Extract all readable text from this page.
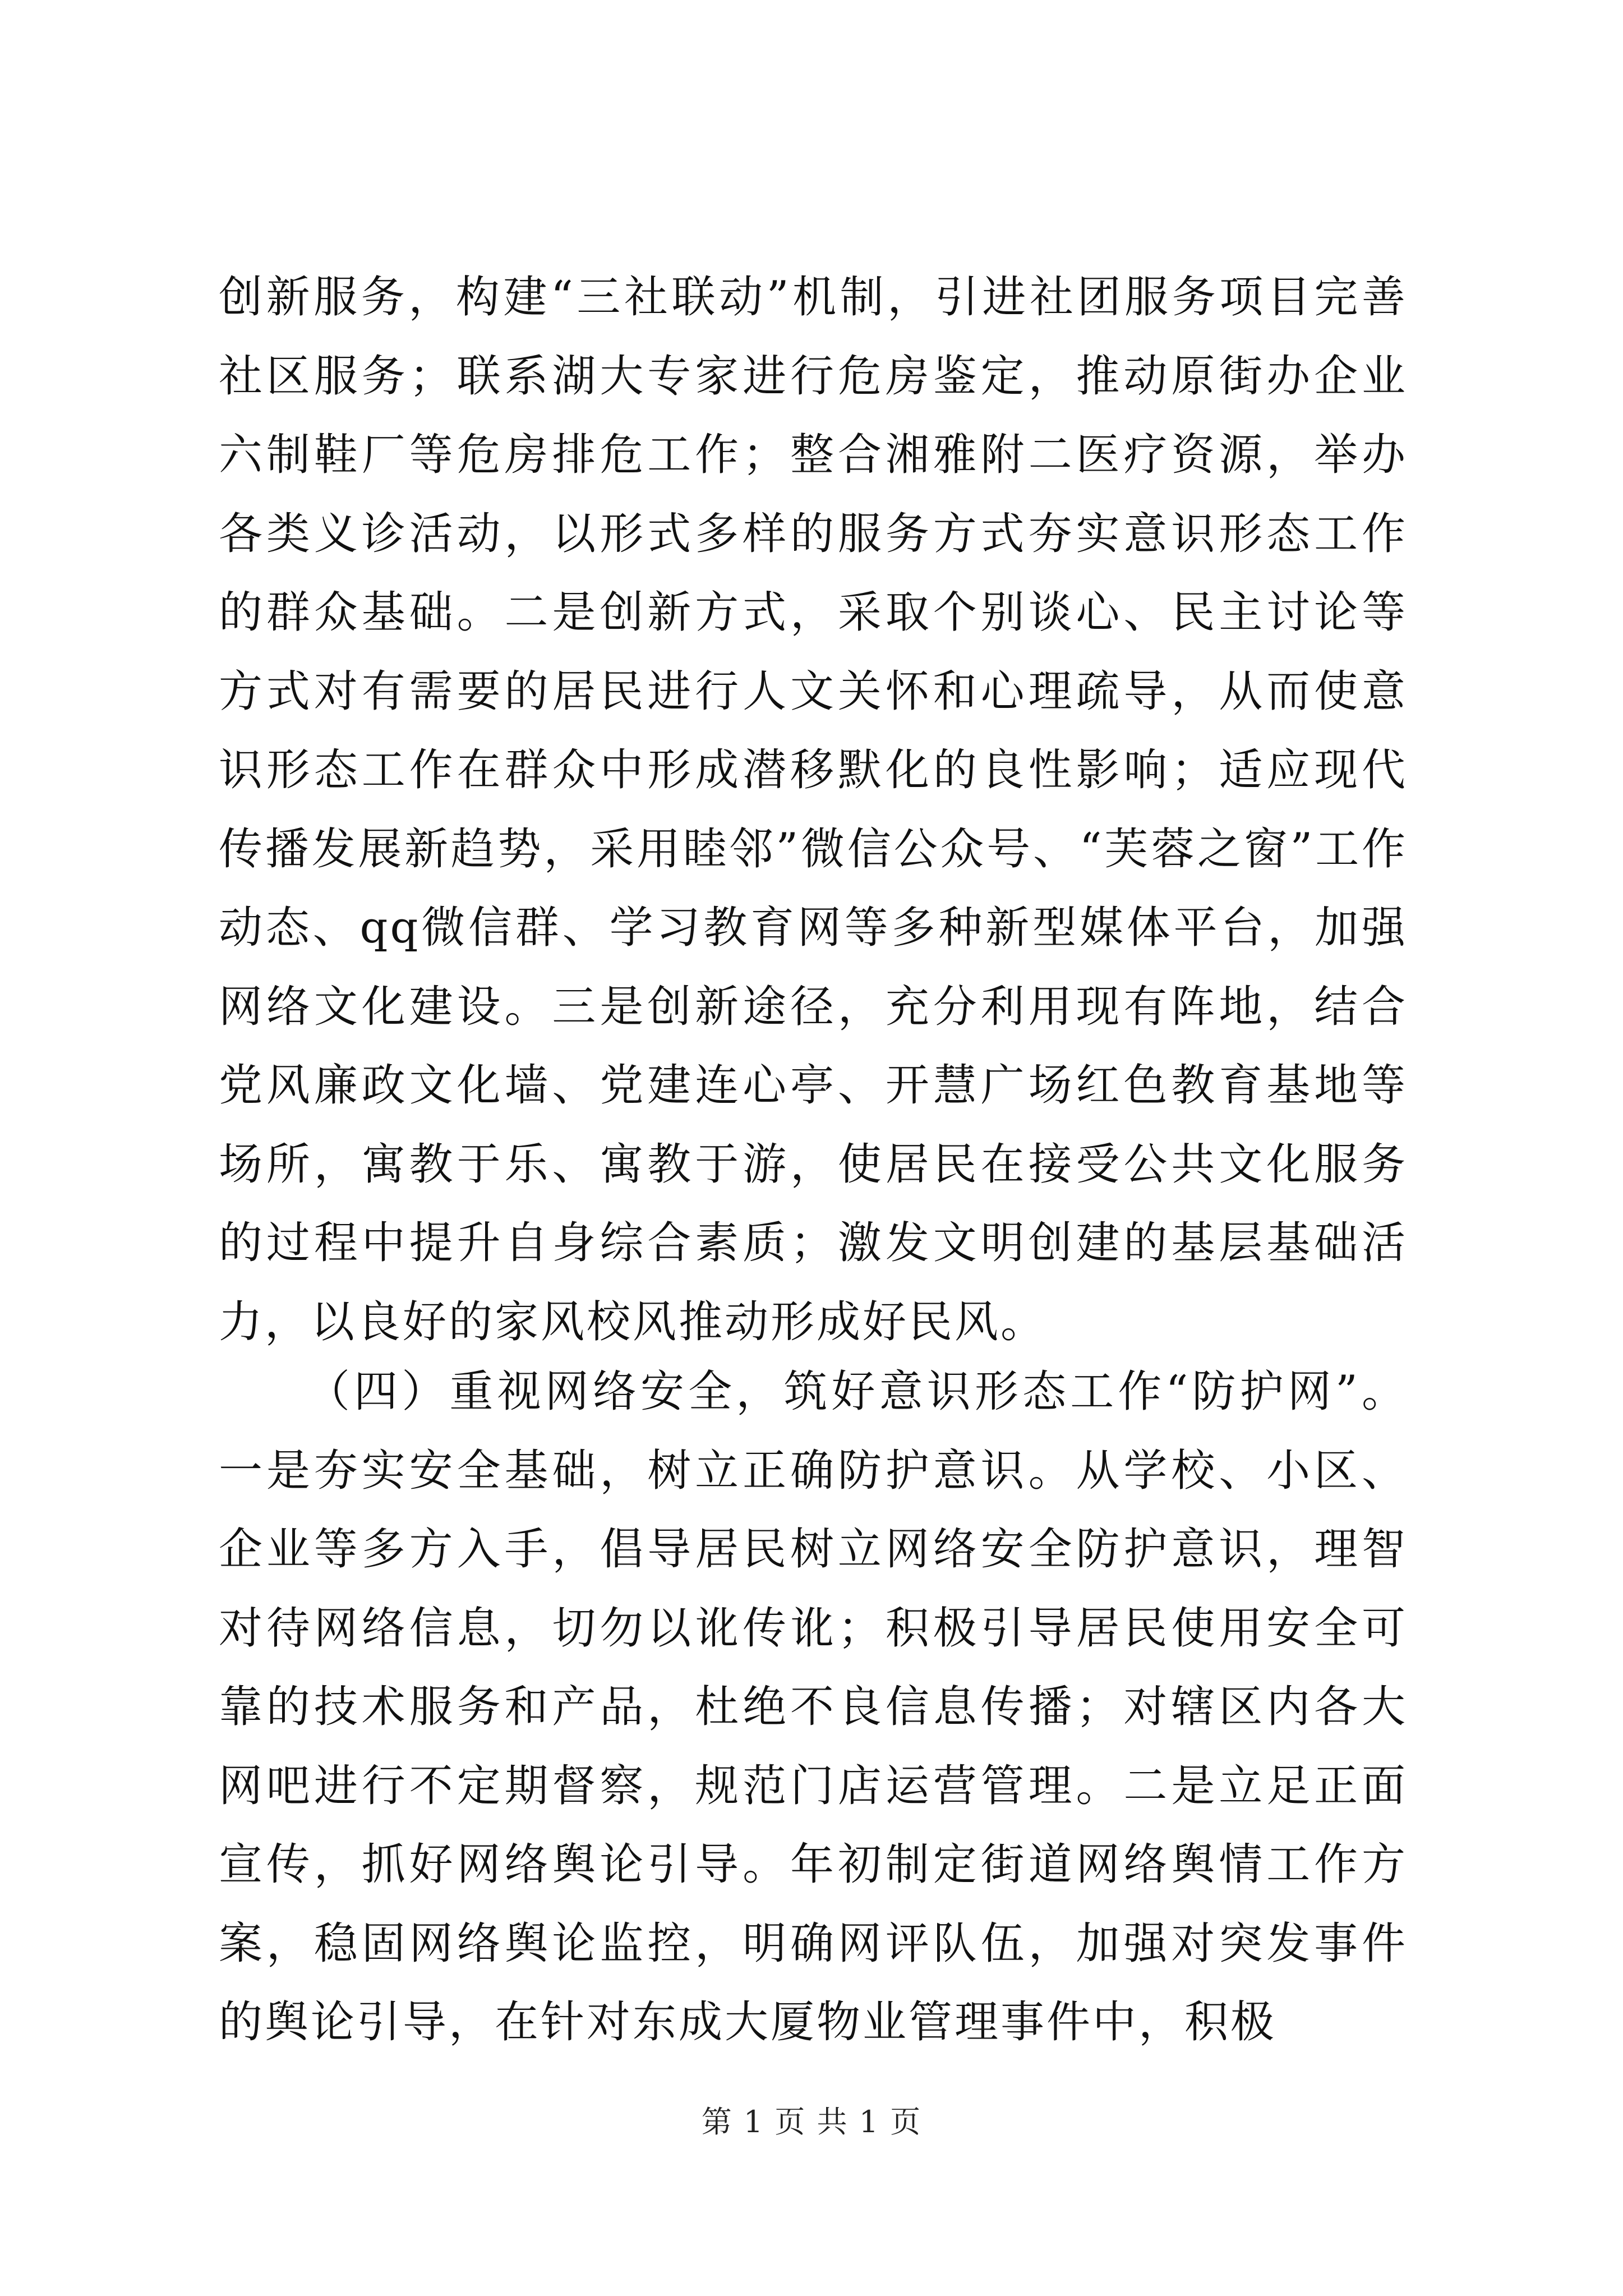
创新服务，构建“三社联动”机制，引进社团服务项目完善社区服务；联系湖大专家进行危房鉴定，推动原街办企业六制鞋厂等危房排危工作；整合湘雅附二医疗资源，举办各类义诊活动，以形式多样的服务方式夯实意识形态工作的群众基础。二是创新方式，采取个别谈心、民主讨论等方式对有需要的居民进行人文关怀和心理疏导，从而使意识形态工作在群众中形成潜移默化的良性影响；适应现代传播发展新趋势，采用睦邻”微信公众号、“芙蓉之窗”工作动态、qq微信群、学习教育网等多种新型媒体平台，加强网络文化建设。三是创新途径，充分利用现有阵地，结合党风廉政文化墙、党建连心亭、开慧广场红色教育基地等场所，寓教于乐、寓教于游，使居民在接受公共文化服务的过程中提升自身综合素质；激发文明创建的基层基础活力，以良好的家风校风推动形成好民风。

（四）重视网络安全，筑好意识形态工作“防护网”。一是夯实安全基础，树立正确防护意识。从学校、小区、企业等多方入手，倡导居民树立网络安全防护意识，理智对待网络信息，切勿以讹传讹；积极引导居民使用安全可靠的技术服务和产品，杜绝不良信息传播；对辖区内各大网吧进行不定期督察，规范门店运营管理。二是立足正面宣传，抓好网络舆论引导。年初制定街道网络舆情工作方案，稳固网络舆论监控，明确网评队伍，加强对突发事件的舆论引导，在针对东成大厦物业管理事件中，积极

第 1 页 共 1 页
